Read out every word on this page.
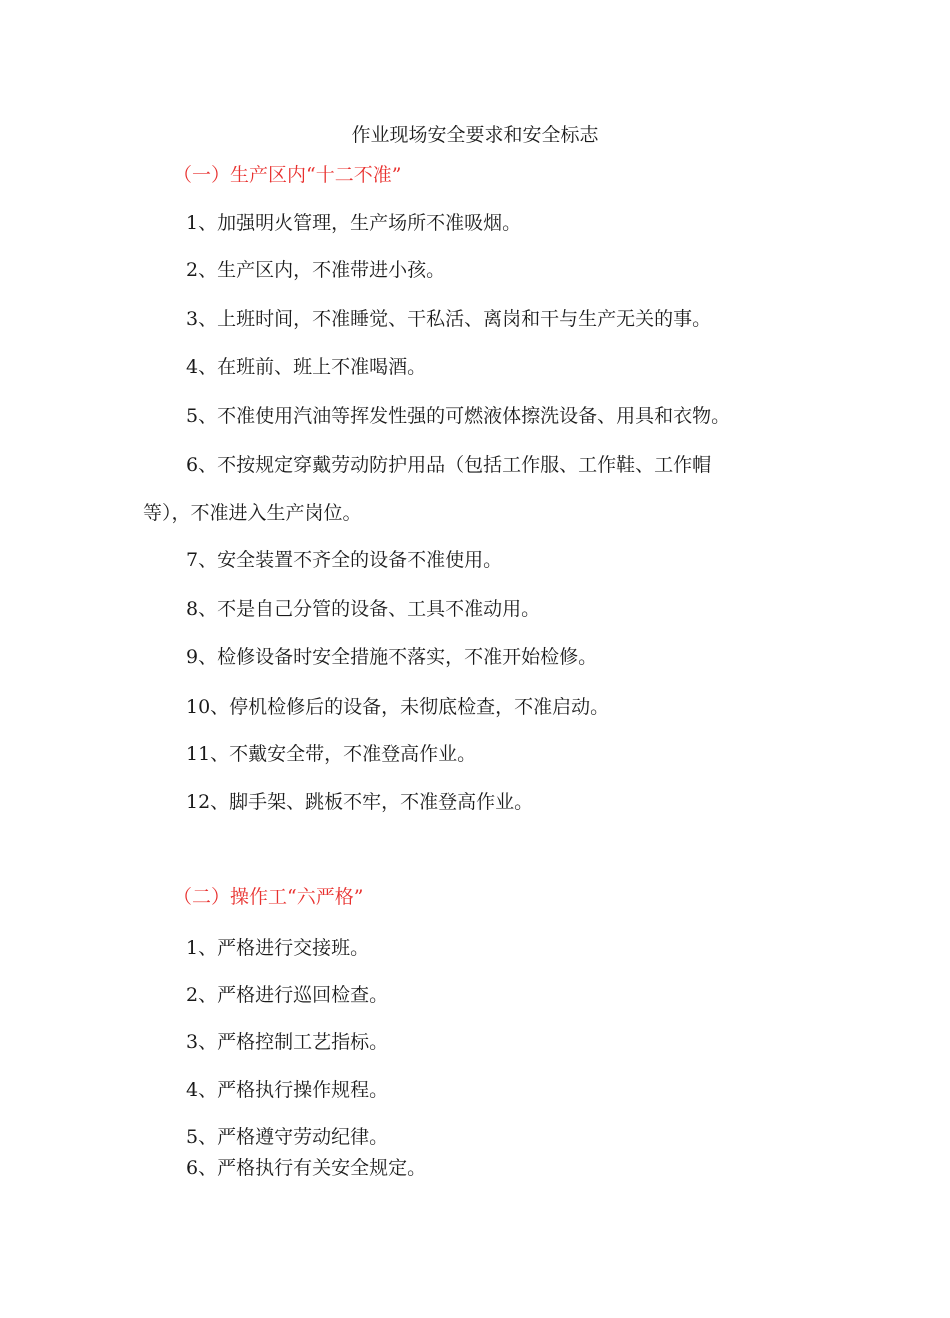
作业现场安全要求和安全标志
（一）生产区内“十二不准”
1、加强明火管理，生产场所不准吸烟。
2、生产区内，不准带进小孩。
3、上班时间，不准睡觉、干私活、离岗和干与生产无关的事。
4、在班前、班上不准喝酒。
5、不准使用汽油等挥发性强的可燃液体擦洗设备、用具和衣物。
6、不按规定穿戴劳动防护用品（包括工作服、工作鞋、工作帽
等），不准进入生产岗位。
7、安全装置不齐全的设备不准使用。
8、不是自己分管的设备、工具不准动用。
9、检修设备时安全措施不落实，不准开始检修。
10、停机检修后的设备，未彻底检查，不准启动。
11、不戴安全带，不准登高作业。
12、脚手架、跳板不牢，不准登高作业。
（二）操作工“六严格”
1、严格进行交接班。
2、严格进行巡回检查。
3、严格控制工艺指标。
4、严格执行操作规程。
5、严格遵守劳动纪律。
6、严格执行有关安全规定。
